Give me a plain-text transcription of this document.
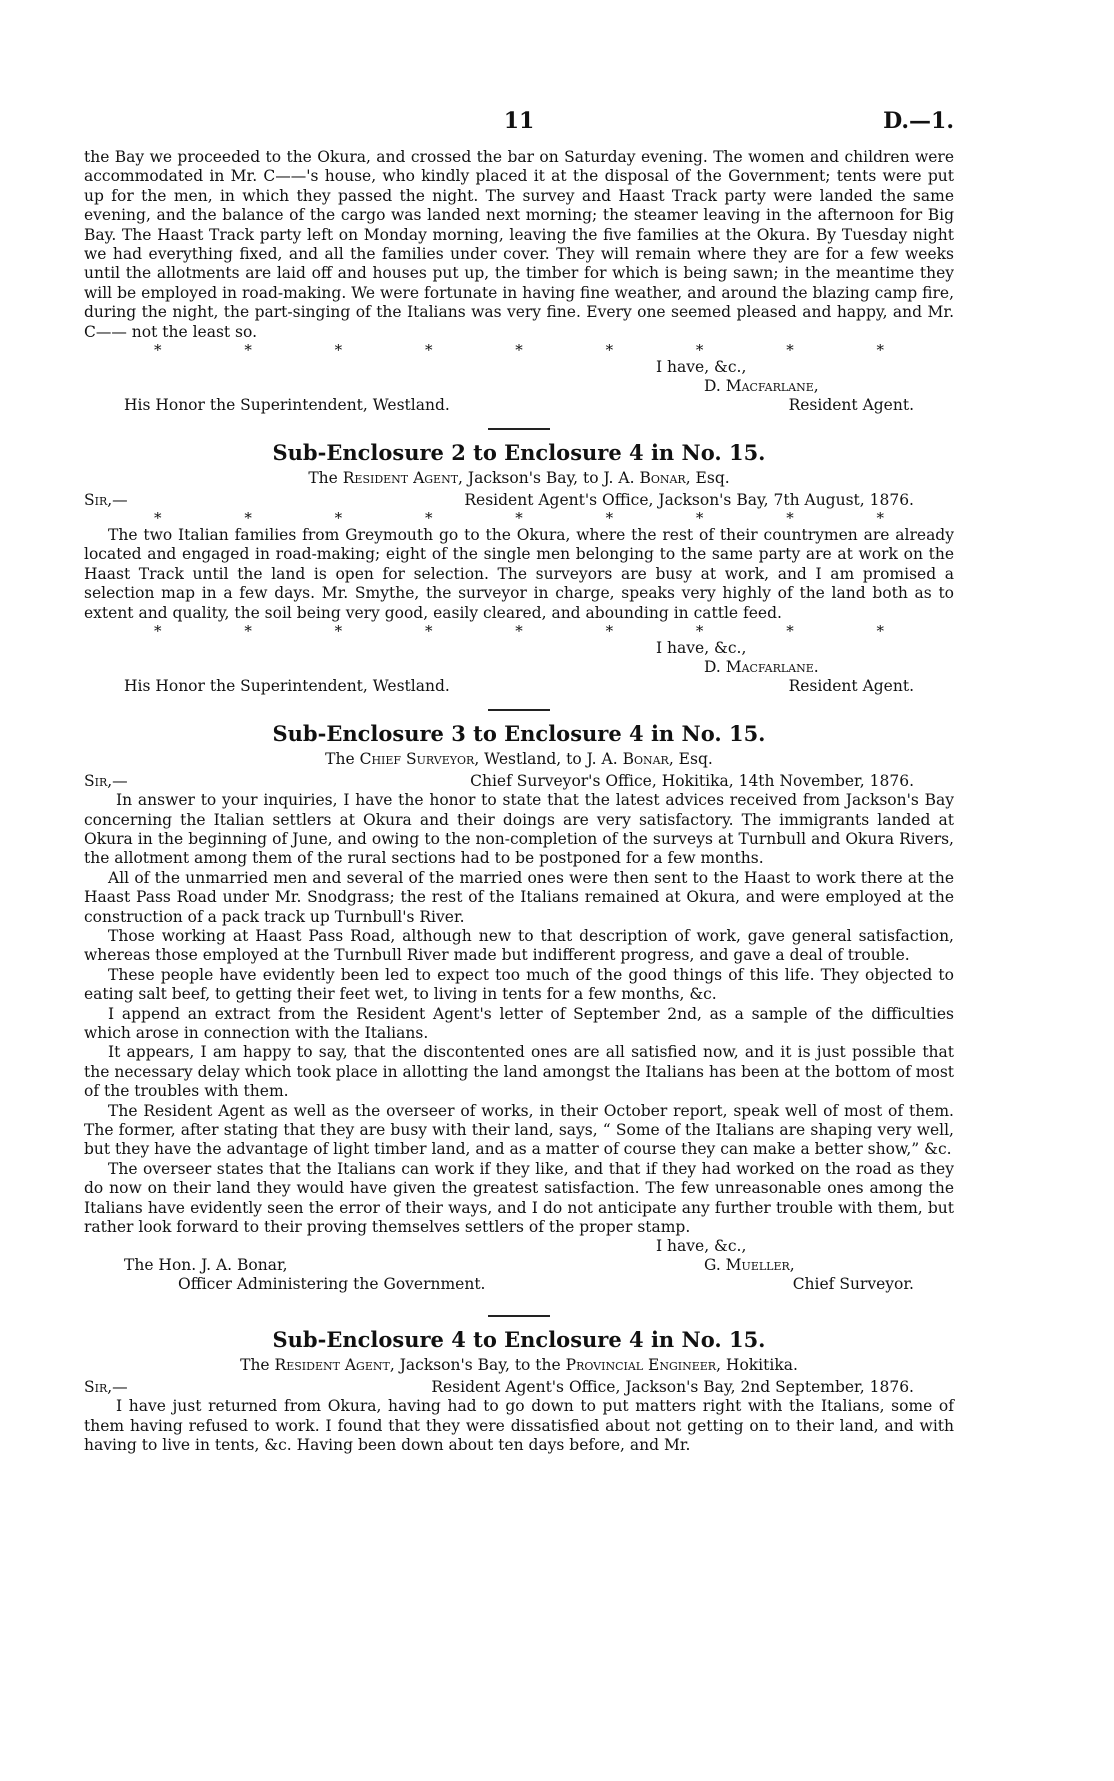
11	D.—1.

the Bay we proceeded to the Okura, and crossed the bar on Saturday evening. The women and children were accommodated in Mr. C——'s house, who kindly placed it at the disposal of the Government; tents were put up for the men, in which they passed the night. The survey and Haast Track party were landed the same evening, and the balance of the cargo was landed next morning; the steamer leaving in the afternoon for Big Bay. The Haast Track party left on Monday morning, leaving the five families at the Okura. By Tuesday night we had everything fixed, and all the families under cover. They will remain where they are for a few weeks until the allotments are laid off and houses put up, the timber for which is being sawn; in the meantime they will be employed in road-making. We were fortunate in having fine weather, and around the blazing camp fire, during the night, the part-singing of the Italians was very fine. Every one seemed pleased and happy, and Mr. C—— not the least so.

*	*	*	*	*	*	*	*	*
I have, &c.,
D. Macfarlane,
Resident Agent.
His Honor the Superintendent, Westland.
Sub-Enclosure 2 to Enclosure 4 in No. 15.
The Resident Agent, Jackson's Bay, to J. A. Bonar, Esq.
Sir,—	Resident Agent's Office, Jackson's Bay, 7th August, 1876.
*	*	*	*	*	*	*	*	*

The two Italian families from Greymouth go to the Okura, where the rest of their countrymen are already located and engaged in road-making; eight of the single men belonging to the same party are at work on the Haast Track until the land is open for selection. The surveyors are busy at work, and I am promised a selection map in a few days. Mr. Smythe, the surveyor in charge, speaks very highly of the land both as to extent and quality, the soil being very good, easily cleared, and abounding in cattle feed.

*	*	*	*	*	*	*	*	*
I have, &c.,
D. Macfarlane.
Resident Agent.
His Honor the Superintendent, Westland.
Sub-Enclosure 3 to Enclosure 4 in No. 15.
The Chief Surveyor, Westland, to J. A. Bonar, Esq.
Sir,—	Chief Surveyor's Office, Hokitika, 14th November, 1876.

In answer to your inquiries, I have the honor to state that the latest advices received from Jackson's Bay concerning the Italian settlers at Okura and their doings are very satisfactory. The immigrants landed at Okura in the beginning of June, and owing to the non-completion of the surveys at Turnbull and Okura Rivers, the allotment among them of the rural sections had to be postponed for a few months.

All of the unmarried men and several of the married ones were then sent to the Haast to work there at the Haast Pass Road under Mr. Snodgrass; the rest of the Italians remained at Okura, and were employed at the construction of a pack track up Turnbull's River.

Those working at Haast Pass Road, although new to that description of work, gave general satisfaction, whereas those employed at the Turnbull River made but indifferent progress, and gave a deal of trouble.

These people have evidently been led to expect too much of the good things of this life. They objected to eating salt beef, to getting their feet wet, to living in tents for a few months, &c.

I append an extract from the Resident Agent's letter of September 2nd, as a sample of the difficulties which arose in connection with the Italians.

It appears, I am happy to say, that the discontented ones are all satisfied now, and it is just possible that the necessary delay which took place in allotting the land amongst the Italians has been at the bottom of most of the troubles with them.

The Resident Agent as well as the overseer of works, in their October report, speak well of most of them. The former, after stating that they are busy with their land, says, “ Some of the Italians are shaping very well, but they have the advantage of light timber land, and as a matter of course they can make a better show,” &c.

The overseer states that the Italians can work if they like, and that if they had worked on the road as they do now on their land they would have given the greatest satisfaction. The few unreasonable ones among the Italians have evidently seen the error of their ways, and I do not anticipate any further trouble with them, but rather look forward to their proving themselves settlers of the proper stamp.

I have, &c.,
G. Mueller,
Chief Surveyor.
The Hon. J. A. Bonar,
Officer Administering the Government.
Sub-Enclosure 4 to Enclosure 4 in No. 15.
The Resident Agent, Jackson's Bay, to the Provincial Engineer, Hokitika.
Sir,—	Resident Agent's Office, Jackson's Bay, 2nd September, 1876.

I have just returned from Okura, having had to go down to put matters right with the Italians, some of them having refused to work. I found that they were dissatisfied about not getting on to their land, and with having to live in tents, &c. Having been down about ten days before, and Mr.
